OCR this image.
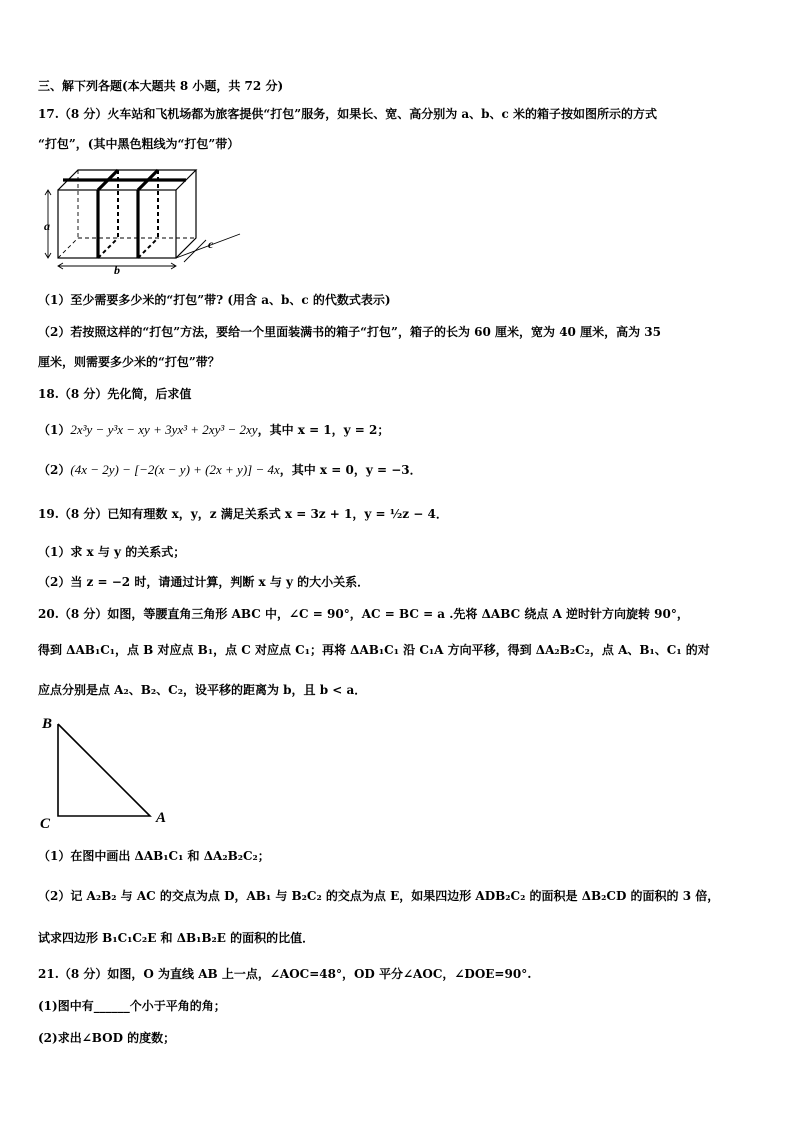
三、解下列各题(本大题共 8 小题，共 72 分)
17.（8 分）火车站和飞机场都为旅客提供“打包”服务，如果长、宽、高分别为 a、b、c 米的箱子按如图所示的方式
“打包”，(其中黑色粗线为“打包”带）
a
b
c
（1）至少需要多少米的“打包”带? (用含 a、b、c 的代数式表示)
（2）若按照这样的“打包”方法，要给一个里面装满书的箱子“打包”，箱子的长为 60 厘米，宽为 40 厘米，高为 35
厘米，则需要多少米的“打包”带？
18.（8 分）先化简，后求值
（1）2x³y − y³x − xy + 3yx³ + 2xy³ − 2xy，其中 x = 1，y = 2；
（2）(4x − 2y) − [−2(x − y) + (2x + y)] − 4x，其中 x = 0，y = −3．
19.（8 分）已知有理数 x，y，z 满足关系式 x = 3z + 1，y = ½z − 4．
（1）求 x 与 y 的关系式；
（2）当 z = −2 时，请通过计算，判断 x 与 y 的大小关系．
20.（8 分）如图，等腰直角三角形 ABC 中，∠C = 90°，AC = BC = a .先将 ΔABC 绕点 A 逆时针方向旋转 90°，
得到 ΔAB₁C₁，点 B 对应点 B₁，点 C 对应点 C₁；再将 ΔAB₁C₁ 沿 C₁A 方向平移，得到 ΔA₂B₂C₂，点 A、B₁、C₁ 的对
应点分别是点 A₂、B₂、C₂，设平移的距离为 b，且 b < a．
B
C	A
（1）在图中画出 ΔAB₁C₁ 和 ΔA₂B₂C₂；
（2）记 A₂B₂ 与 AC 的交点为点 D，AB₁ 与 B₂C₂ 的交点为点 E，如果四边形 ADB₂C₂ 的面积是 ΔB₂CD 的面积的 3 倍，
试求四边形 B₁C₁C₂E 和 ΔB₁B₂E 的面积的比值．
21.（8 分）如图，O 为直线 AB 上一点，∠AOC=48°，OD 平分∠AOC，∠DOE=90°.
(1)图中有______个小于平角的角；
(2)求出∠BOD 的度数；
